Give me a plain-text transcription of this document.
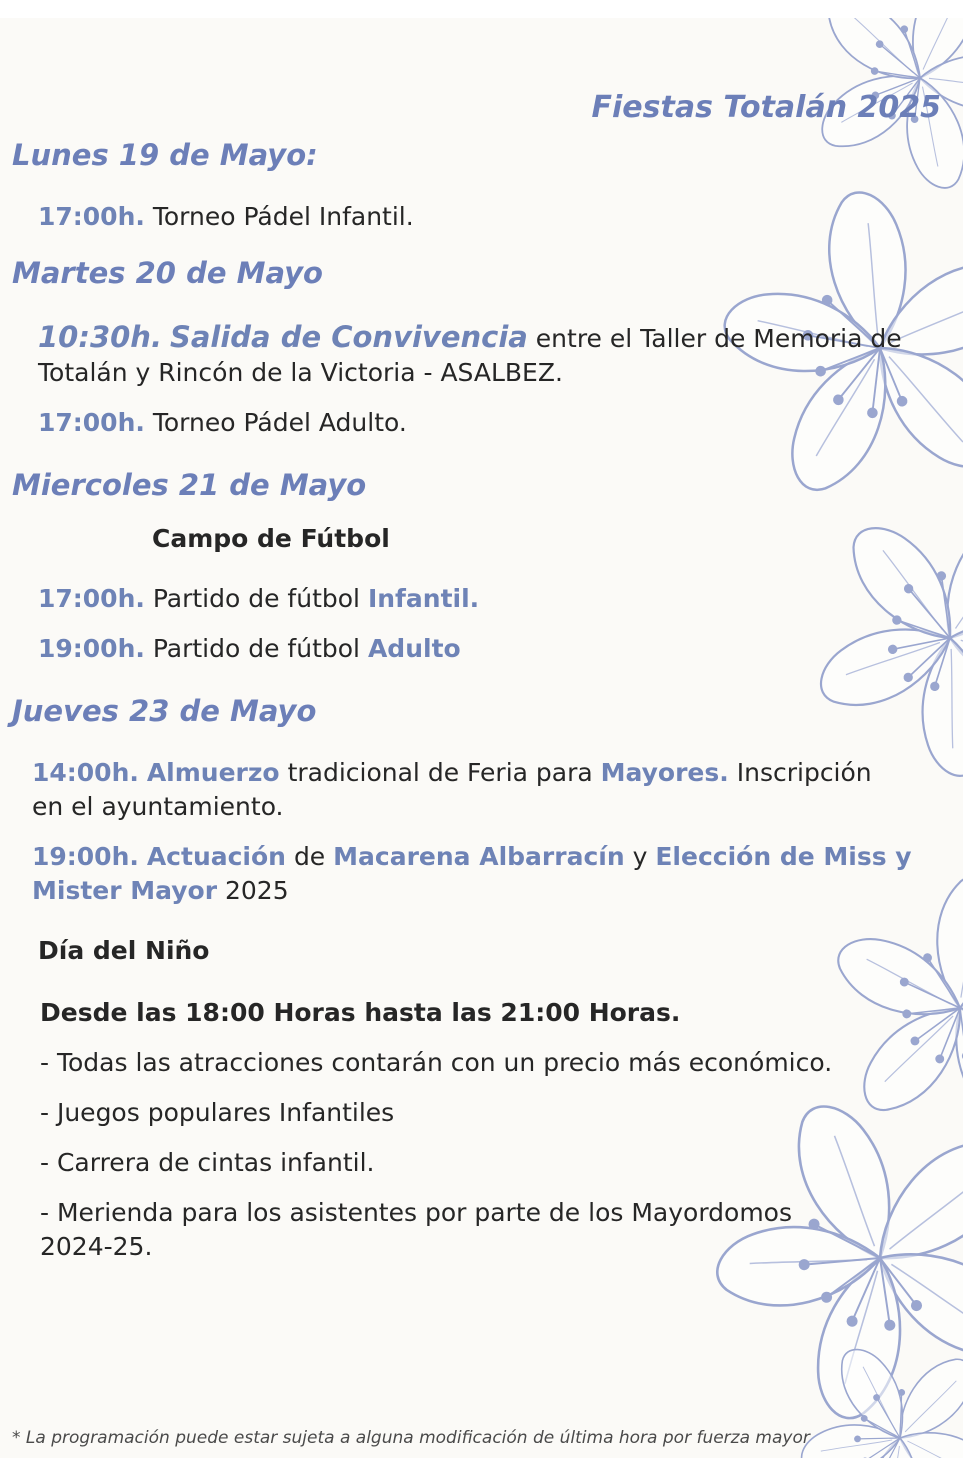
Fiestas Totalán 2025
Lunes 19 de Mayo:
17:00h. Torneo Pádel Infantil.
Martes 20 de Mayo
10:30h. Salida de Convivencia entre el Taller de Memoria de
Totalán y Rincón de la Victoria - ASALBEZ.
17:00h. Torneo Pádel Adulto.
Miercoles 21 de Mayo
Campo de Fútbol
17:00h. Partido de fútbol Infantil.
19:00h. Partido de fútbol Adulto
Jueves 23 de Mayo
14:00h. Almuerzo tradicional de Feria para Mayores. Inscripción
en el ayuntamiento.
19:00h. Actuación de Macarena Albarracín y Elección de Miss y
Mister Mayor 2025
Día del Niño
Desde las 18:00 Horas hasta las 21:00 Horas.
- Todas las atracciones contarán con un precio más económico.
- Juegos populares Infantiles
- Carrera de cintas infantil.
- Merienda para los asistentes por parte de los Mayordomos
2024-25.
* La programación puede estar sujeta a alguna modificación de última hora por fuerza mayor
